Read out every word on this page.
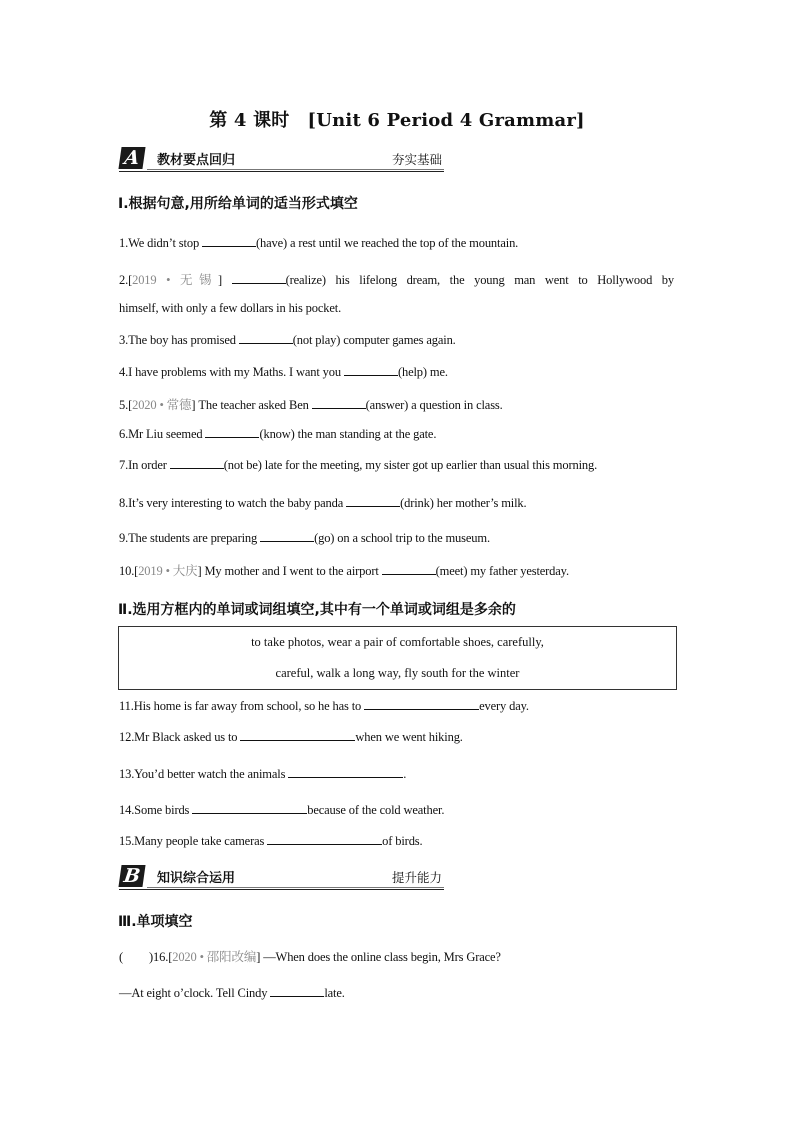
第 4 课时 [Unit 6 Period 4 Grammar]
A	教材要点回归	夯实基础
Ⅰ.根据句意,用所给单词的适当形式填空
1.We didn’t stop	(have) a rest until we reached the top of the mountain.
2.[2019 • 无锡]	(realize) his lifelong dream, the young man went to Hollywood by
himself, with only a few dollars in his pocket.
3.The boy has promised	(not play) computer games again.
4.I have problems with my Maths. I want you	(help) me.
5.[2020 • 常德] The teacher asked Ben	(answer) a question in class.
6.Mr Liu seemed	(know) the man standing at the gate.
7.In order	(not be) late for the meeting, my sister got up earlier than usual this morning.
8.It’s very interesting to watch the baby panda	(drink) her mother’s milk.
9.The students are preparing	(go) on a school trip to the museum.
10.[2019 • 大庆] My mother and I went to the airport	(meet) my father yesterday.
Ⅱ.选用方框内的单词或词组填空,其中有一个单词或词组是多余的
to take photos, wear a pair of comfortable shoes, carefully,
careful, walk a long way, fly south for the winter
11.His home is far away from school, so he has to	every day.
12.Mr Black asked us to	when we went hiking.
13.You’d better watch the animals	.
14.Some birds	because of the cold weather.
15.Many people take cameras	of birds.
B	知识综合运用	提升能力
Ⅲ.单项填空
( )16.[2020 • 邵阳改编] —When does the online class begin, Mrs Grace?
—At eight o’clock. Tell Cindy	late.
